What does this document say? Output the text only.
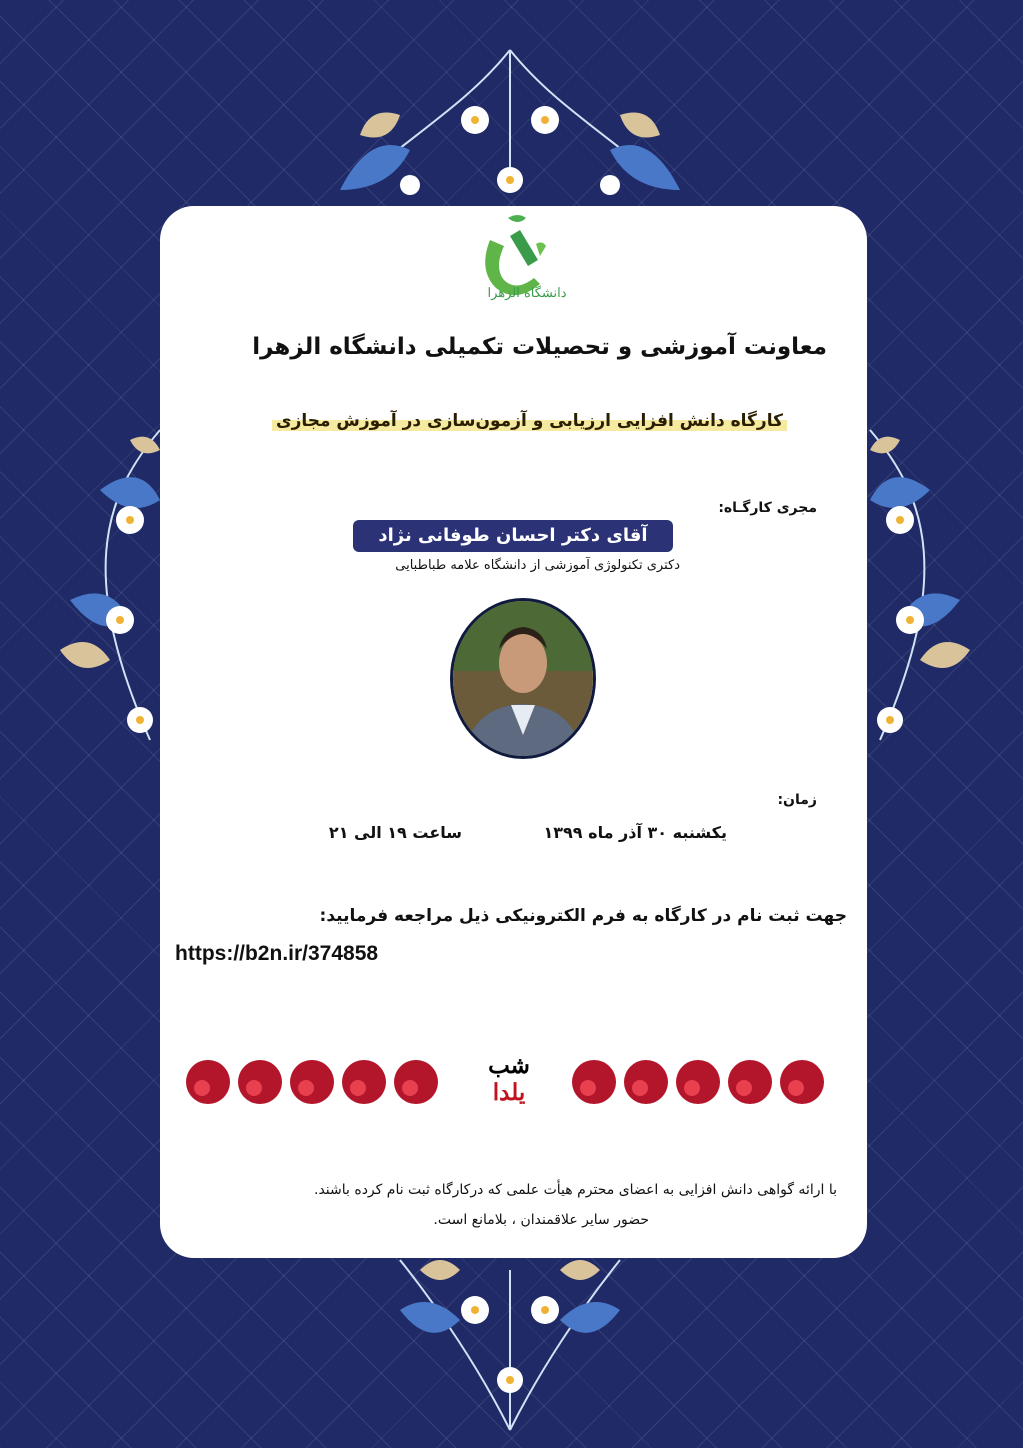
دانشگاه الزهرا
معاونت آموزشی و تحصیلات تکمیلی دانشگاه الزهرا
کارگاه دانش افزایی ارزیابی و آزمون‌سازی در آموزش مجازی
مجری کارگـاه:
آقای دکتر احسان طوفانی نژاد
دکتری تکنولوژی آموزشی از دانشگاه علامه طباطبایی
زمان:
یکشنبه ۳۰ آذر ماه ۱۳۹۹
ساعت ۱۹ الی ۲۱
جهت ثبت نام در کارگاه به فرم الکترونیکی ذیل مراجعه فرمایید:
https://b2n.ir/374858
شب یلدا
با ارائه گواهی دانش افزایی به اعضای محترم هیأت علمی که درکارگاه ثبت نام کرده باشند.
حضور سایر علاقمندان ، بلامانع است.
